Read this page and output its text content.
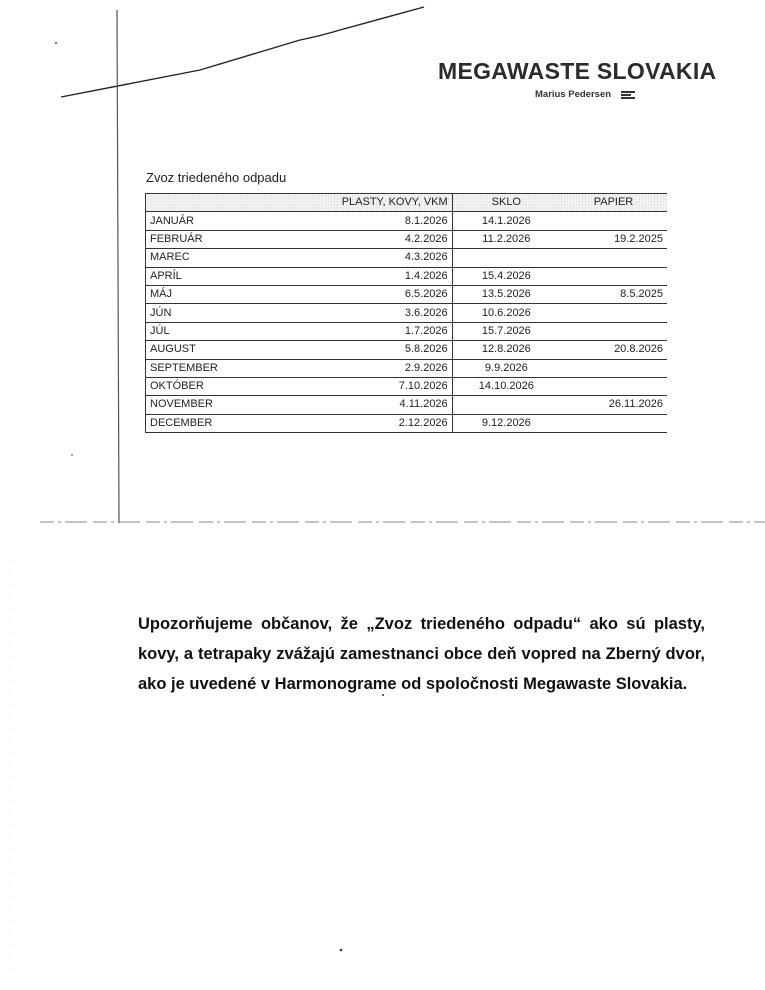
MEGAWASTE SLOVAKIA
Marius Pedersen
Zvoz triedeného odpadu
	PLASTY, KOVY, VKM	SKLO	PAPIER
JANUÁR	8.1.2026	14.1.2026	
FEBRUÁR	4.2.2026	11.2.2026	19.2.2025
MAREC	4.3.2026		
APRÍL	1.4.2026	15.4.2026	
MÁJ	6.5.2026	13.5.2026	8.5.2025
JÚN	3.6.2026	10.6.2026	
JÚL	1.7.2026	15.7.2026	
AUGUST	5.8.2026	12.8.2026	20.8.2026
SEPTEMBER	2.9.2026	9.9.2026	
OKTÓBER	7.10.2026	14.10.2026	
NOVEMBER	4.11.2026		26.11.2026
DECEMBER	2.12.2026	9.12.2026	
Upozorňujeme občanov, že „Zvoz triedeného odpadu“ ako sú plasty, kovy, a tetrapaky zvážajú zamestnanci obce deň vopred na Zberný dvor, ako je uvedené v Harmonograme od spoločnosti Megawaste Slovakia.
